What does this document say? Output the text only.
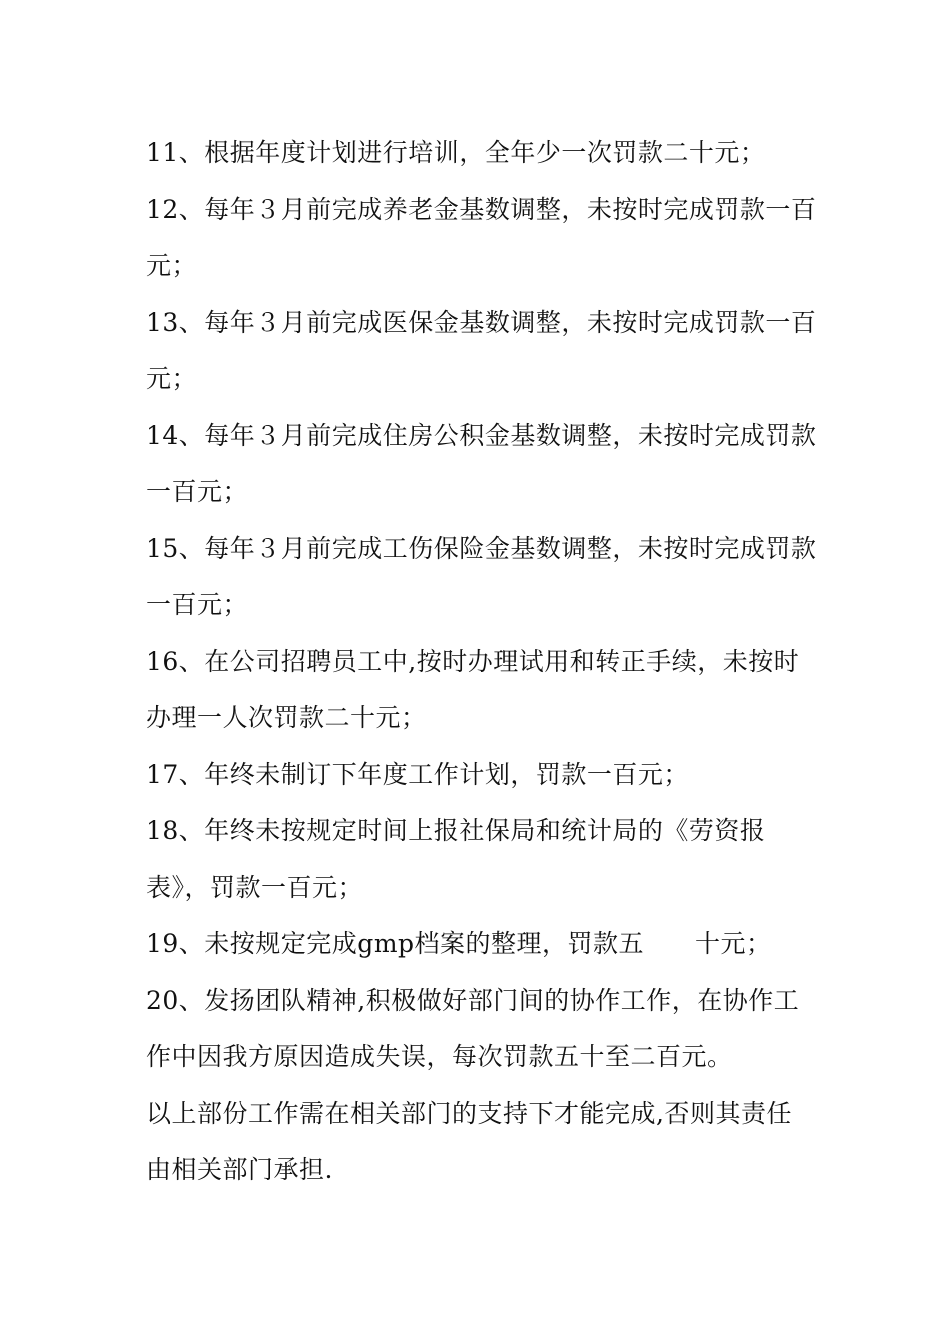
11、根据年度计划进行培训，全年少一次罚款二十元；
12、每年３月前完成养老金基数调整，未按时完成罚款一百
元；
13、每年３月前完成医保金基数调整，未按时完成罚款一百
元；
14、每年３月前完成住房公积金基数调整，未按时完成罚款
一百元；
15、每年３月前完成工伤保险金基数调整，未按时完成罚款
一百元；
16、在公司招聘员工中,按时办理试用和转正手续，未按时
办理一人次罚款二十元；
17、年终未制订下年度工作计划，罚款一百元；
18、年终未按规定时间上报社保局和统计局的《劳资报
表》，罚款一百元；
19、未按规定完成gmp档案的整理，罚款五　　十元；
20、发扬团队精神,积极做好部门间的协作工作，在协作工
作中因我方原因造成失误，每次罚款五十至二百元。
以上部份工作需在相关部门的支持下才能完成,否则其责任
由相关部门承担.
